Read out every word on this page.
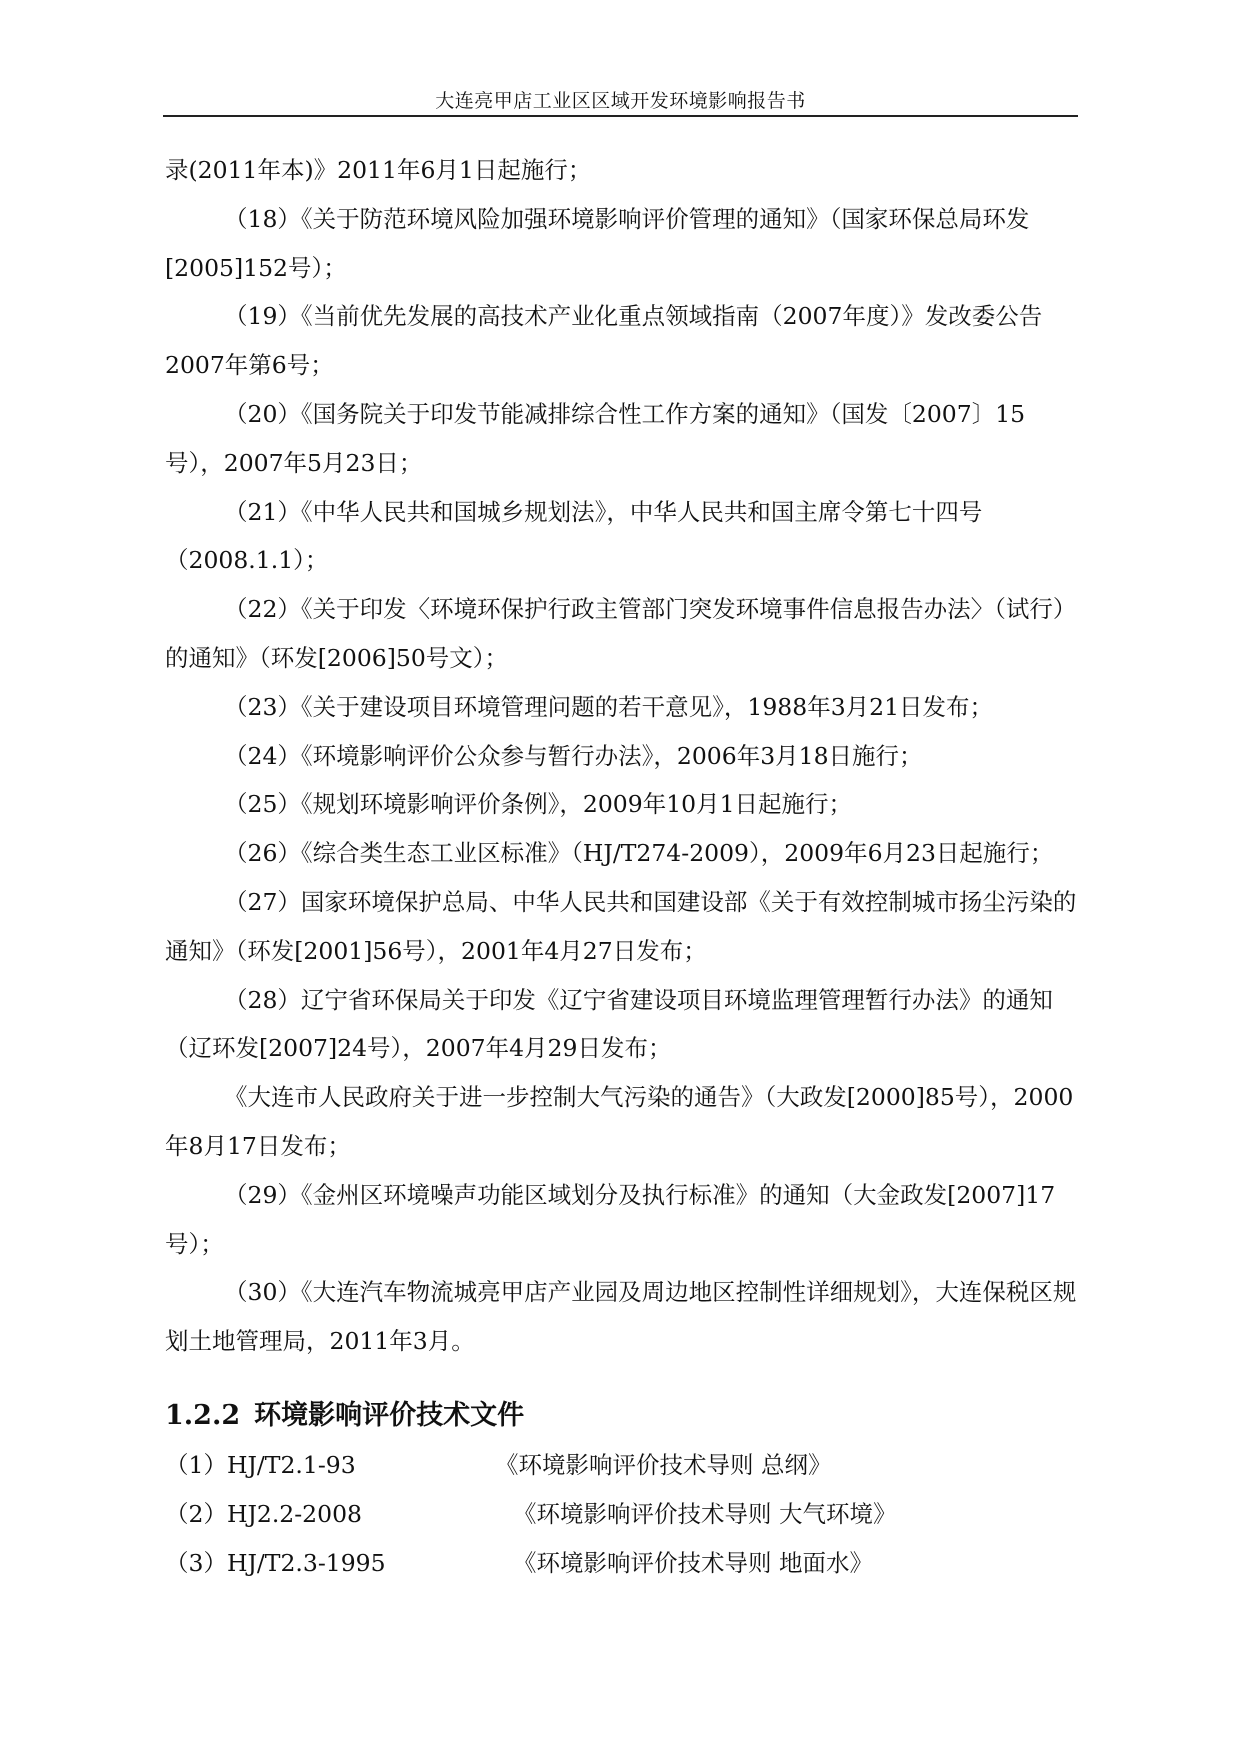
大连亮甲店工业区区域开发环境影响报告书

录(2011年本)》2011年6月1日起施行；

（18）《关于防范环境风险加强环境影响评价管理的通知》（国家环保总局环发[2005]152号）；

（19）《当前优先发展的高技术产业化重点领域指南（2007年度）》发改委公告2007年第6号；

（20）《国务院关于印发节能减排综合性工作方案的通知》（国发〔2007〕15号），2007年5月23日；

（21）《中华人民共和国城乡规划法》，中华人民共和国主席令第七十四号（2008.1.1）；

（22）《关于印发〈环境环保护行政主管部门突发环境事件信息报告办法〉（试行）的通知》（环发[2006]50号文）；

（23）《关于建设项目环境管理问题的若干意见》，1988年3月21日发布；

（24）《环境影响评价公众参与暂行办法》，2006年3月18日施行；

（25）《规划环境影响评价条例》，2009年10月1日起施行；

（26）《综合类生态工业区标准》（HJ/T274-2009），2009年6月23日起施行；

（27）国家环境保护总局、中华人民共和国建设部《关于有效控制城市扬尘污染的通知》（环发[2001]56号），2001年4月27日发布；

（28）辽宁省环保局关于印发《辽宁省建设项目环境监理管理暂行办法》的通知（辽环发[2007]24号），2007年4月29日发布；

《大连市人民政府关于进一步控制大气污染的通告》（大政发[2000]85号），2000年8月17日发布；

（29）《金州区环境噪声功能区域划分及执行标准》的通知（大金政发[2007]17号）；

（30）《大连汽车物流城亮甲店产业园及周边地区控制性详细规划》，大连保税区规划土地管理局，2011年3月。

1.2.2 环境影响评价技术文件
（1）HJ/T2.1-93	《环境影响评价技术导则 总纲》
（2）HJ2.2-2008	《环境影响评价技术导则 大气环境》
（3）HJ/T2.3-1995	《环境影响评价技术导则 地面水》
